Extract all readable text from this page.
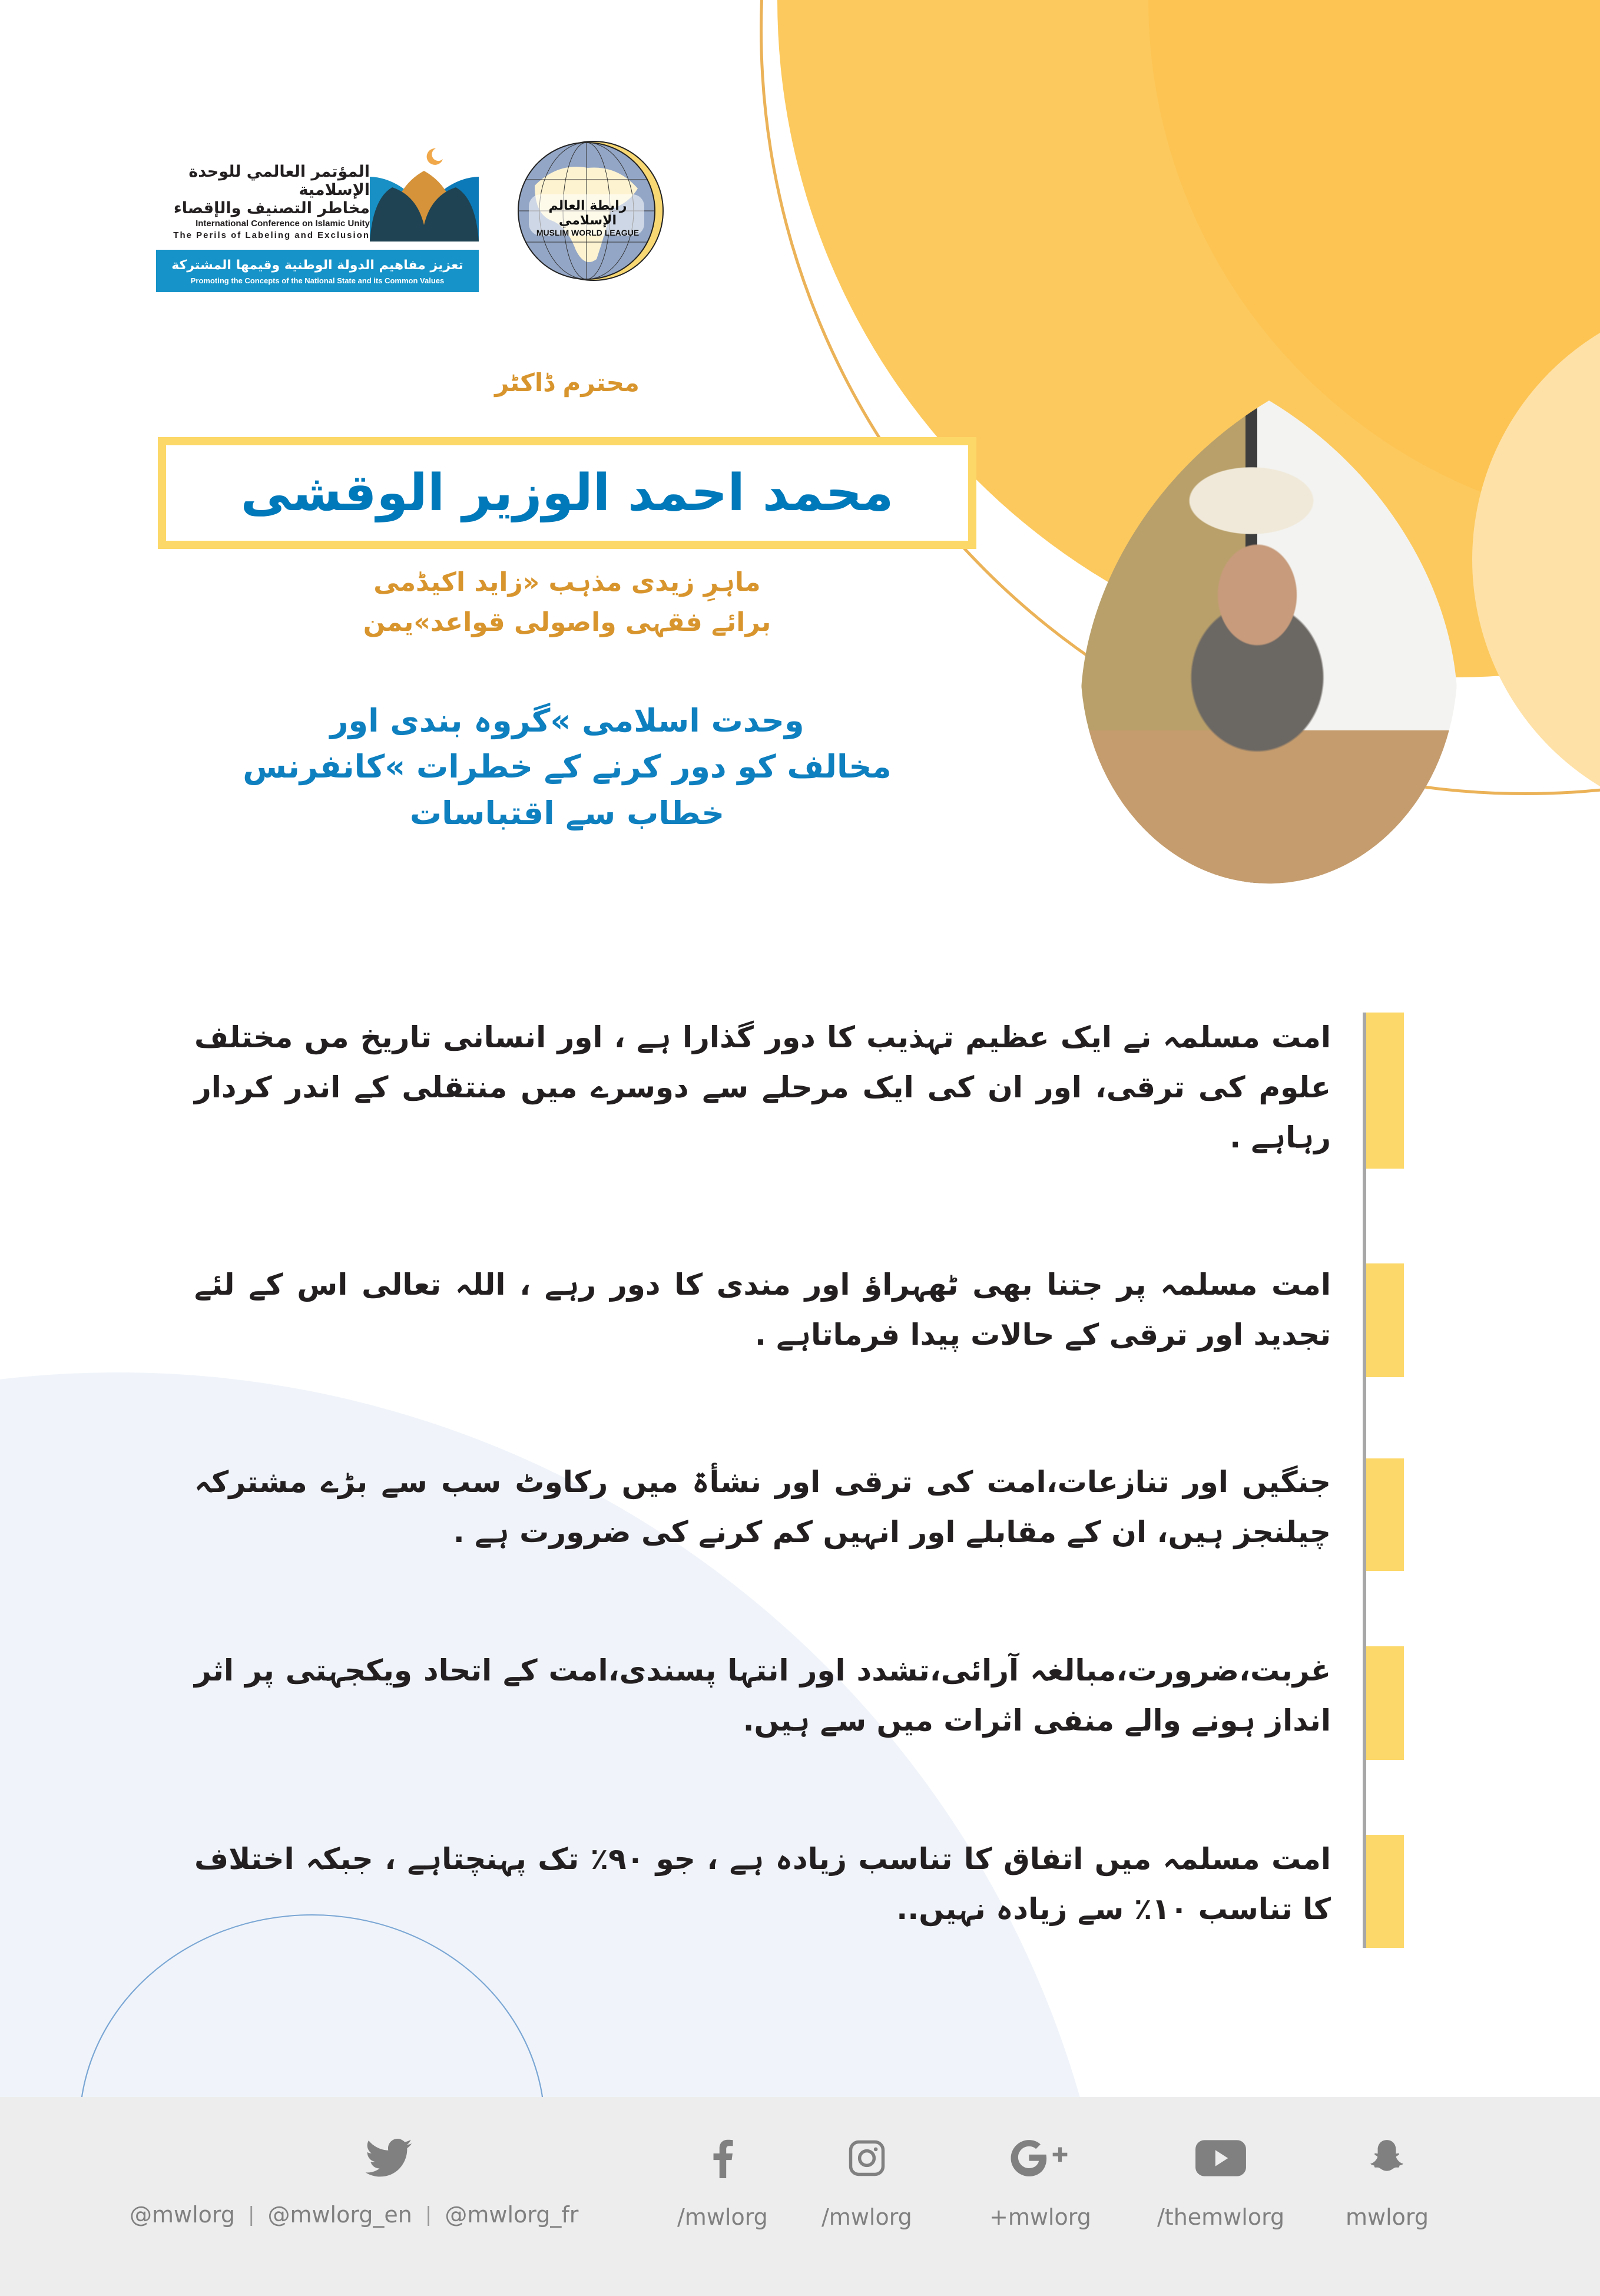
المؤتمر العالمي للوحدة الإسلامية
مخاطر التصنيف والإقصاء
International Conference on Islamic Unity
The Perils of Labeling and Exclusion
تعزيز مفاهيم الدولة الوطنية وقيمها المشتركة
Promoting the Concepts of the National State and its Common Values
رابطة العالم الإسلامي
MUSLIM WORLD LEAGUE
محترم ڈاکٹر
محمد احمد الوزیر الوقشی
ماہرِ زیدی مذہب «زاید اکیڈمی
برائے فقہی واصولی قواعد»یمن
وحدت اسلامی »گروہ بندی اور
مخالف کو دور کرنے کے خطرات »کانفرنس
خطاب سے اقتباسات

امت مسلمہ نے ایک عظیم تہذیب کا دور گذارا ہے ، اور انسانی تاریخ مں مختلف علوم کی ترقی، اور ان کی ایک مرحلے سے دوسرے میں منتقلی کے اندر کردار رہاہے .

امت مسلمہ پر جتنا بھی ٹھہراؤ اور مندی کا دور رہے ، اللہ تعالی اس کے لئے تجدید اور ترقی کے حالات پیدا فرماتاہے .

جنگیں اور تنازعات،امت کی ترقی اور نشأۃ میں رکاوٹ سب سے بڑے مشترکہ چیلنجز ہیں، ان کے مقابلے اور انہیں کم کرنے کی ضرورت ہے .

غربت،ضرورت،مبالغہ آرائی،تشدد اور انتہا پسندی،امت کے اتحاد ویکجہتی پر اثر انداز ہونے والے منفی اثرات میں سے ہیں.

امت مسلمہ میں اتفاق کا تناسب زیادہ ہے ، جو ٩٠٪ تک پہنچتاہے ، جبکہ اختلاف کا تناسب ١٠٪ سے زیادہ نہیں..

@mwlorg | @mwlorg_en | @mwlorg_fr	/mwlorg /mwlorg	+mwlorg	/themwlorg	mwlorg
